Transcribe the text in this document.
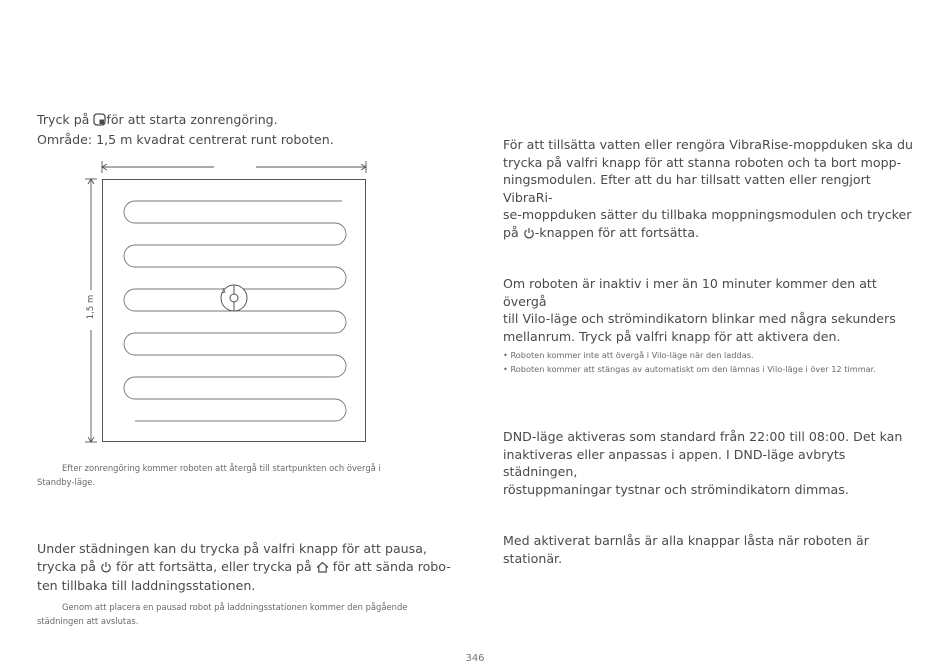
Tryck på för att starta zonrengöring.
Område: 1,5 m kvadrat centrerat runt roboten.
1,5 m
Efter zonrengöring kommer roboten att återgå till startpunkten och övergå i
Standby-läge.
Under städningen kan du trycka på valfri knapp för att pausa,
trycka på för att fortsätta, eller trycka på för att sända robo-
ten tillbaka till laddningsstationen.
Genom att placera en pausad robot på laddningsstationen kommer den pågående
städningen att avslutas.
För att tillsätta vatten eller rengöra VibraRise-moppduken ska du
trycka på valfri knapp för att stanna roboten och ta bort mopp-
ningsmodulen. Efter att du har tillsatt vatten eller rengjort VibraRi-
se-moppduken sätter du tillbaka moppningsmodulen och trycker
på -knappen för att fortsätta.
Om roboten är inaktiv i mer än 10 minuter kommer den att övergå
till Vilo-läge och strömindikatorn blinkar med några sekunders
mellanrum. Tryck på valfri knapp för att aktivera den.
• Roboten kommer inte att övergå i Vilo-läge när den laddas.
• Roboten kommer att stängas av automatiskt om den lämnas i Vilo-läge i över 12 timmar.
DND-läge aktiveras som standard från 22:00 till 08:00. Det kan
inaktiveras eller anpassas i appen. I DND-läge avbryts städningen,
röstuppmaningar tystnar och strömindikatorn dimmas.
Med aktiverat barnlås är alla knappar låsta när roboten är
stationär.
346
